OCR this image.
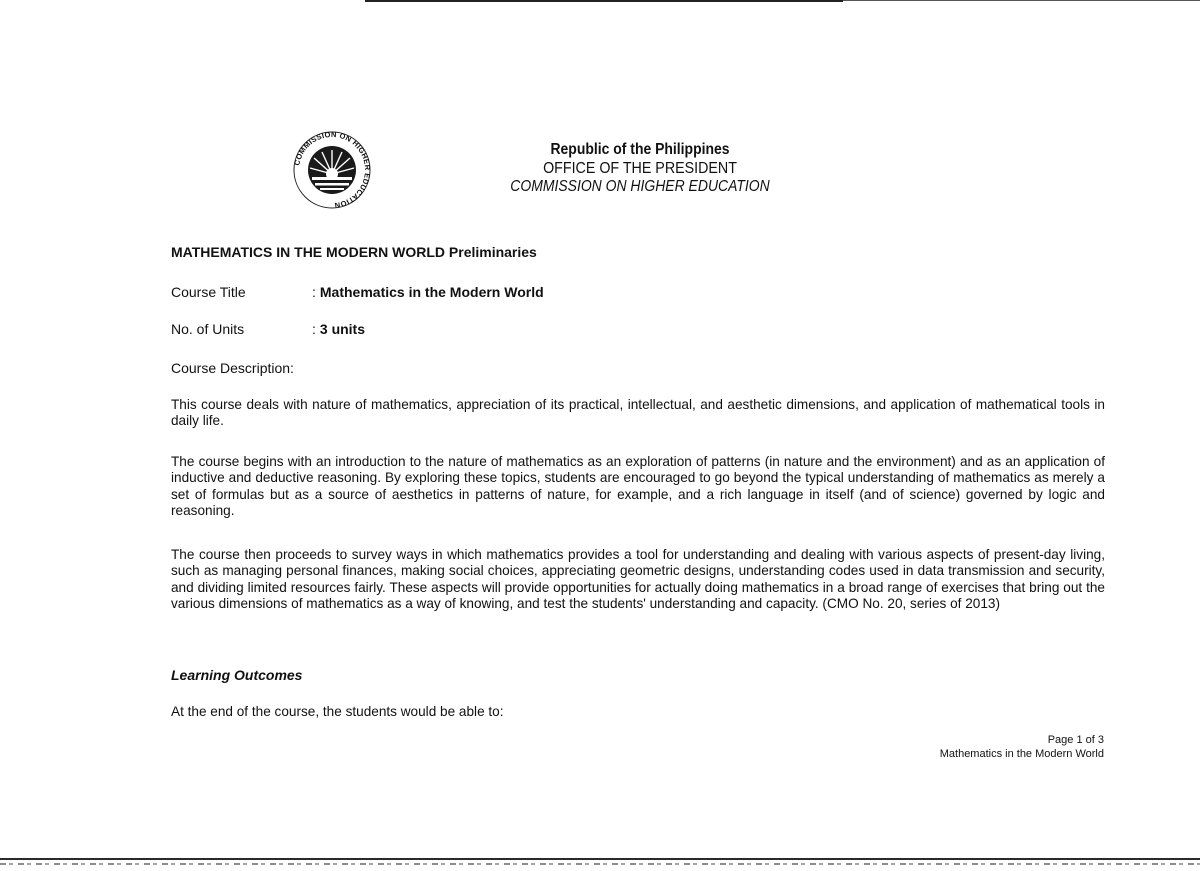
COMMISSION ON HIGHER EDUCATION
Republic of the Philippines
OFFICE OF THE PRESIDENT
COMMISSION ON HIGHER EDUCATION
MATHEMATICS IN THE MODERN WORLD Preliminaries
Course Title	: Mathematics in the Modern World
No. of Units	: 3 units
Course Description:

This course deals with nature of mathematics, appreciation of its practical, intellectual, and aesthetic dimensions, and application of mathematical tools in daily life.

The course begins with an introduction to the nature of mathematics as an exploration of patterns (in nature and the environment) and as an application of inductive and deductive reasoning. By exploring these topics, students are encouraged to go beyond the typical understanding of mathematics as merely a set of formulas but as a source of aesthetics in patterns of nature, for example, and a rich language in itself (and of science) governed by logic and reasoning.

The course then proceeds to survey ways in which mathematics provides a tool for understanding and dealing with various aspects of present-day living, such as managing personal finances, making social choices, appreciating geometric designs, understanding codes used in data transmission and security, and dividing limited resources fairly. These aspects will provide opportunities for actually doing mathematics in a broad range of exercises that bring out the various dimensions of mathematics as a way of knowing, and test the students' understanding and capacity. (CMO No. 20, series of 2013)

Learning Outcomes
At the end of the course, the students would be able to:
Page 1 of 3
Mathematics in the Modern World
